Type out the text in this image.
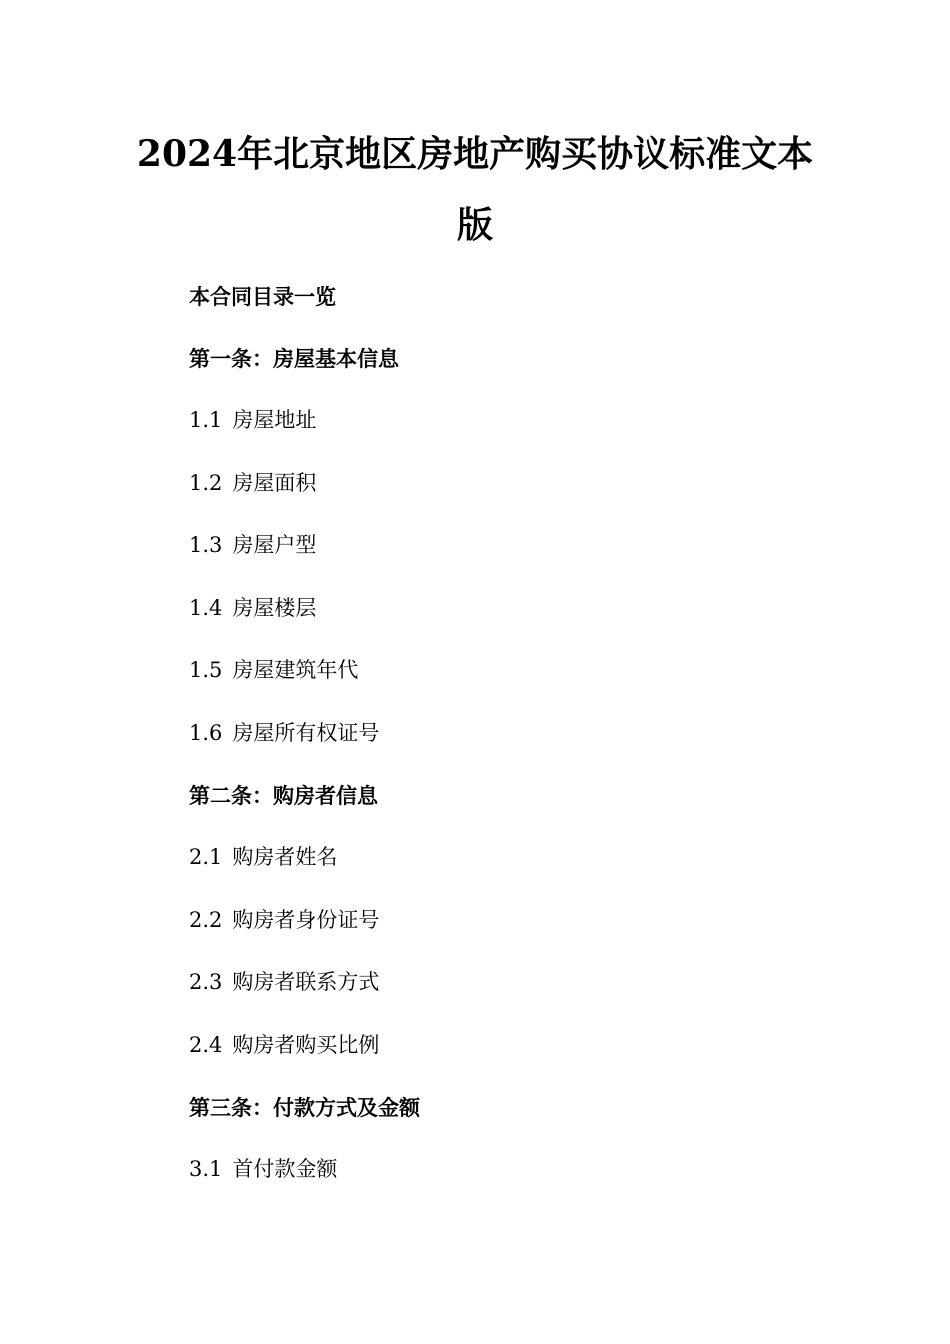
2024年北京地区房地产购买协议标准文本
版
本合同目录一览
第一条：房屋基本信息
1.1 房屋地址
1.2 房屋面积
1.3 房屋户型
1.4 房屋楼层
1.5 房屋建筑年代
1.6 房屋所有权证号
第二条：购房者信息
2.1 购房者姓名
2.2 购房者身份证号
2.3 购房者联系方式
2.4 购房者购买比例
第三条：付款方式及金额
3.1 首付款金额
